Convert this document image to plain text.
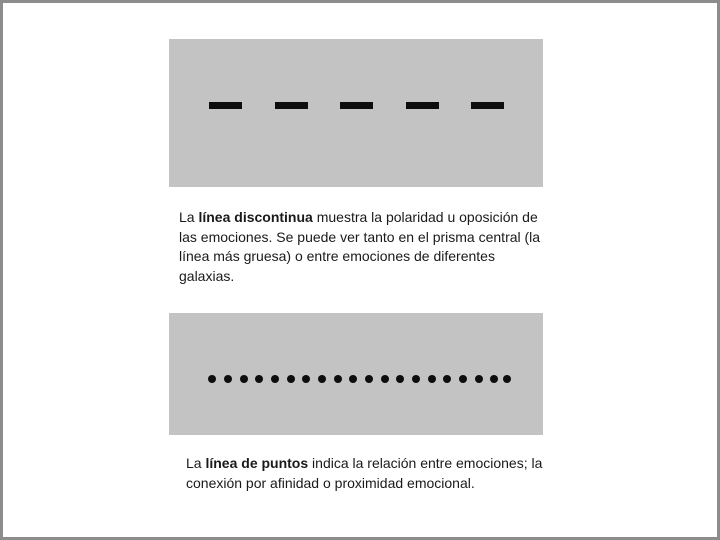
La línea discontinua muestra la polaridad u oposición de las emociones. Se puede ver tanto en el prisma central (la línea más gruesa) o entre emociones de diferentes galaxias.

La línea de puntos indica la relación entre emociones; la conexión por afinidad o proximidad emocional.
